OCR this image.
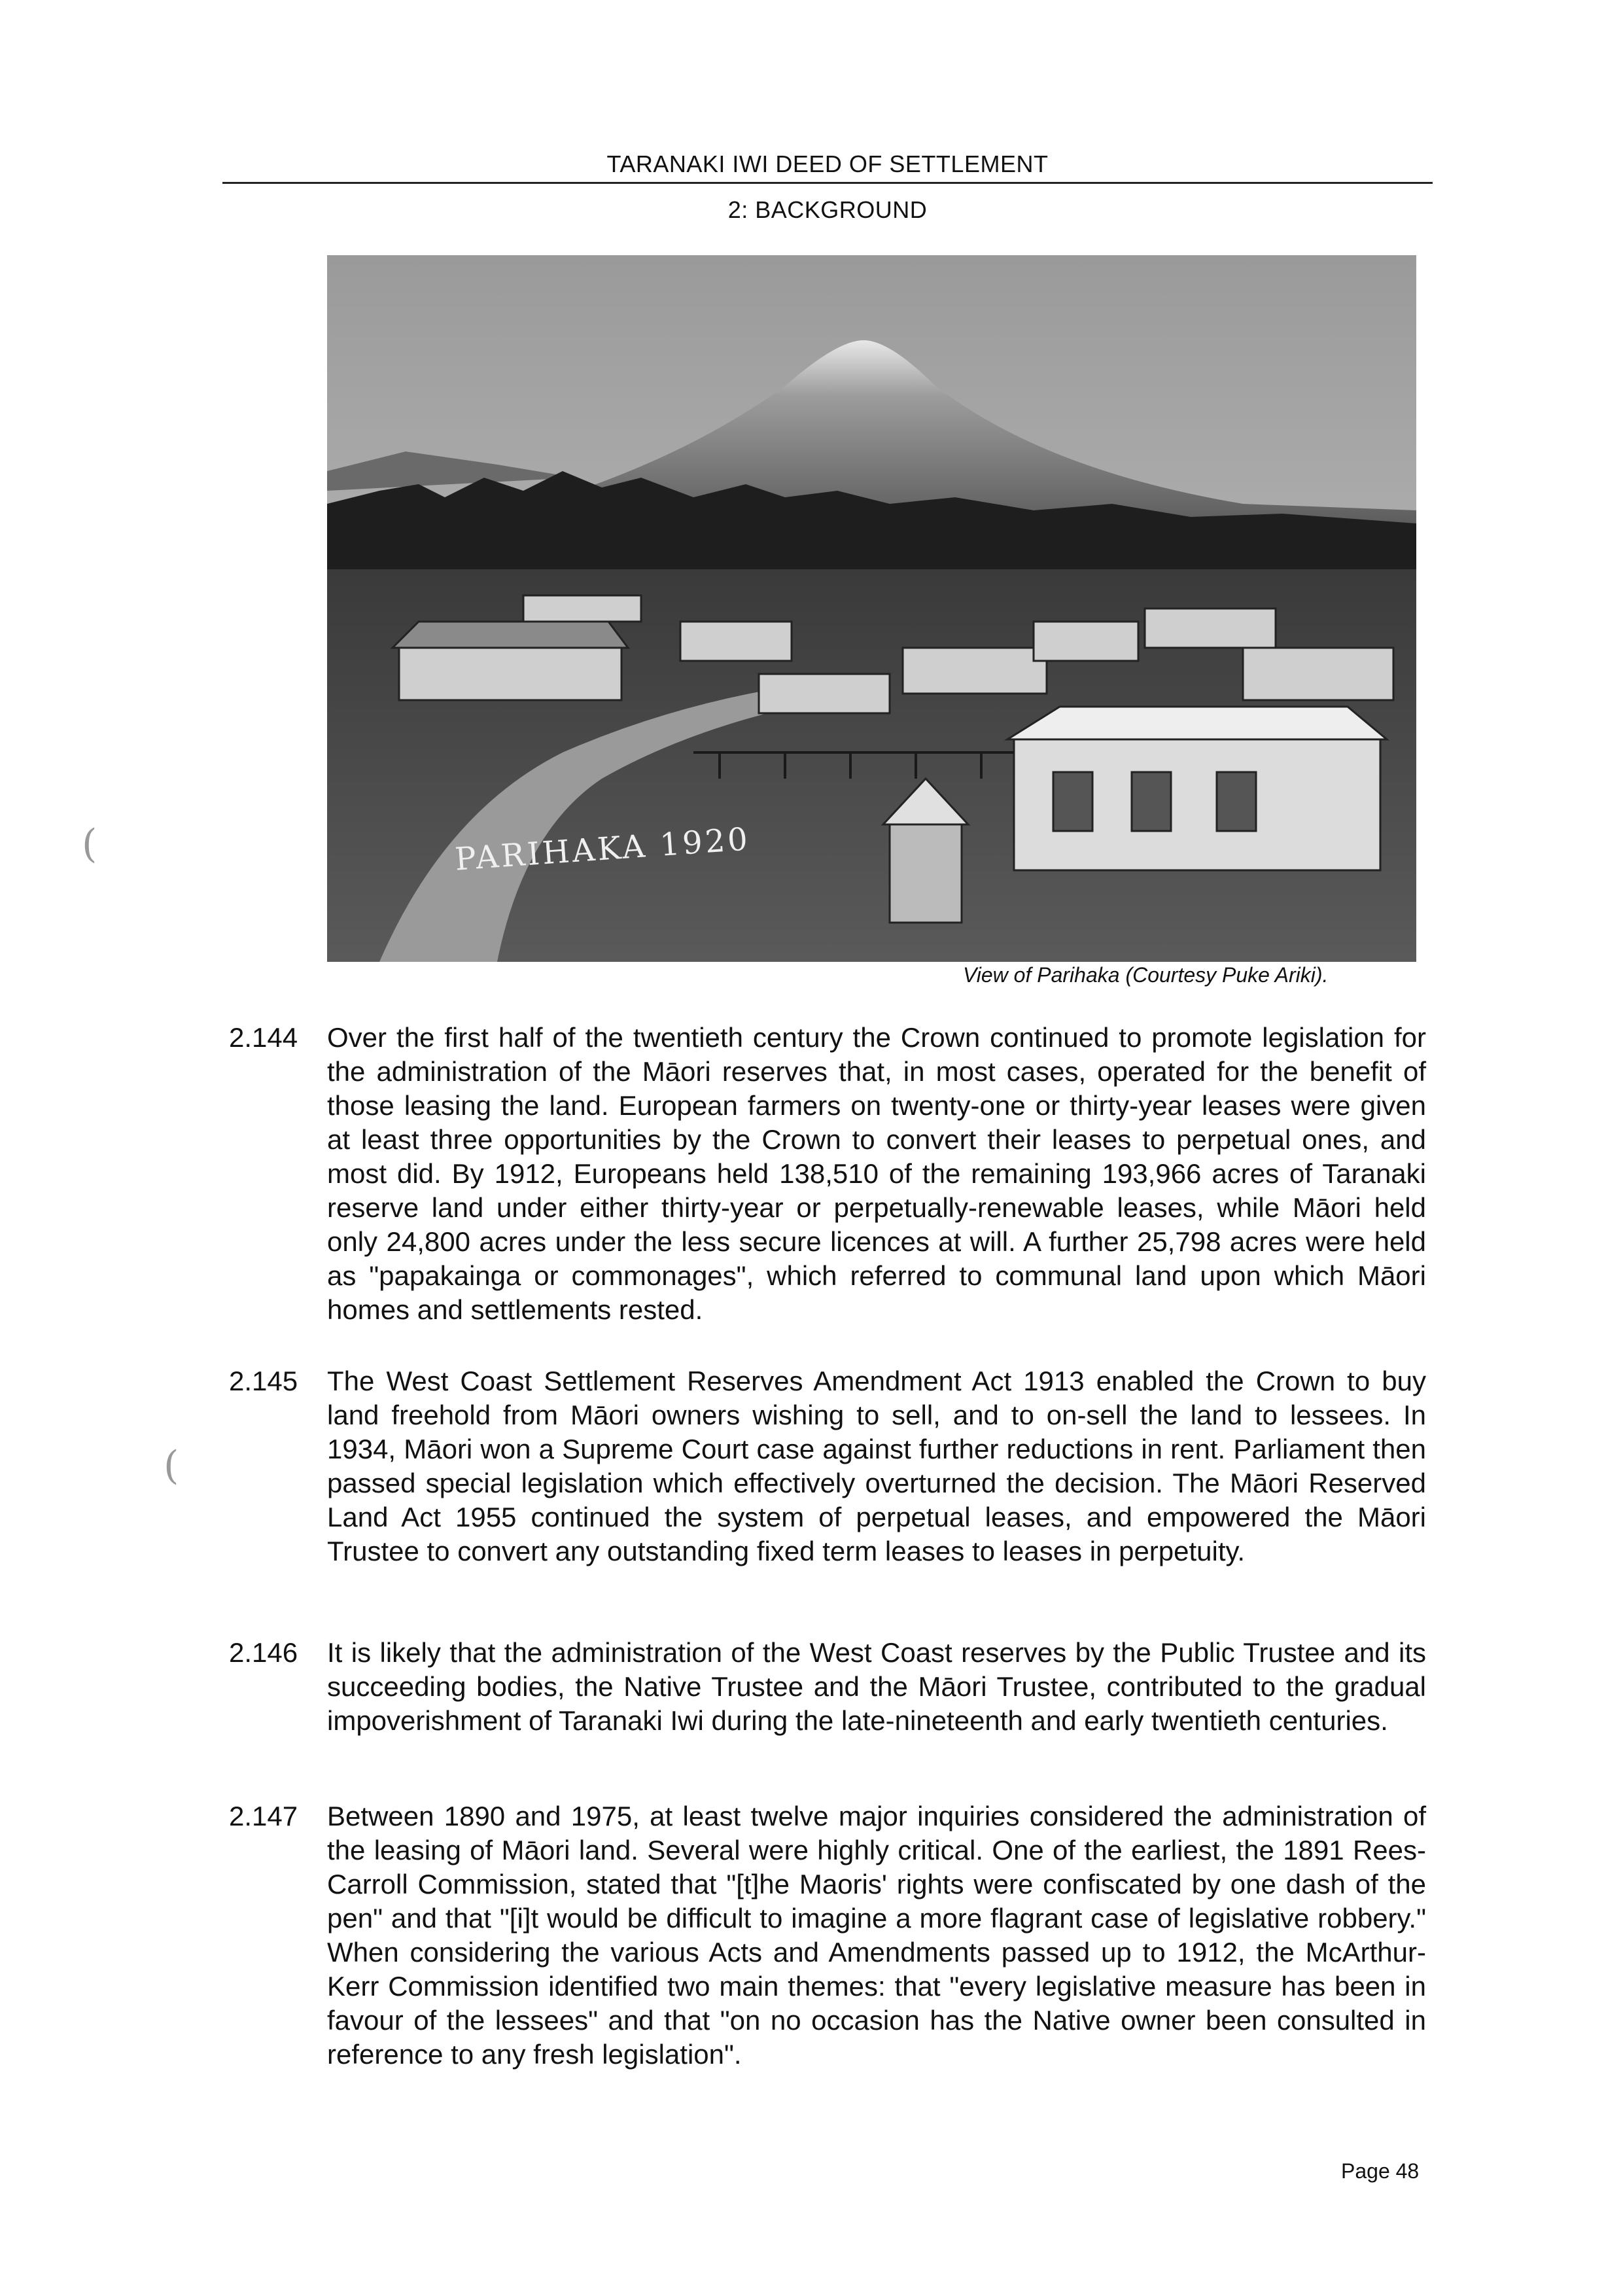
TARANAKI IWI DEED OF SETTLEMENT
2: BACKGROUND
PARIHAKA 1920
View of Parihaka (Courtesy Puke Ariki).
(
(
2.144	Over the first half of the twentieth century the Crown continued to promote legislation for the administration of the Māori reserves that, in most cases, operated for the benefit of those leasing the land. European farmers on twenty-one or thirty-year leases were given at least three opportunities by the Crown to convert their leases to perpetual ones, and most did. By 1912, Europeans held 138,510 of the remaining 193,966 acres of Taranaki reserve land under either thirty-year or perpetually-renewable leases, while Māori held only 24,800 acres under the less secure licences at will. A further 25,798 acres were held as "papakainga or commonages", which referred to communal land upon which Māori homes and settlements rested.
2.145	The West Coast Settlement Reserves Amendment Act 1913 enabled the Crown to buy land freehold from Māori owners wishing to sell, and to on-sell the land to lessees. In 1934, Māori won a Supreme Court case against further reductions in rent. Parliament then passed special legislation which effectively overturned the decision. The Māori Reserved Land Act 1955 continued the system of perpetual leases, and empowered the Māori Trustee to convert any outstanding fixed term leases to leases in perpetuity.
2.146	It is likely that the administration of the West Coast reserves by the Public Trustee and its succeeding bodies, the Native Trustee and the Māori Trustee, contributed to the gradual impoverishment of Taranaki Iwi during the late-nineteenth and early twentieth centuries.
2.147	Between 1890 and 1975, at least twelve major inquiries considered the administration of the leasing of Māori land. Several were highly critical. One of the earliest, the 1891 Rees-Carroll Commission, stated that "[t]he Maoris' rights were confiscated by one dash of the pen" and that "[i]t would be difficult to imagine a more flagrant case of legislative robbery." When considering the various Acts and Amendments passed up to 1912, the McArthur-Kerr Commission identified two main themes: that "every legislative measure has been in favour of the lessees" and that "on no occasion has the Native owner been consulted in reference to any fresh legislation".
Page 48
